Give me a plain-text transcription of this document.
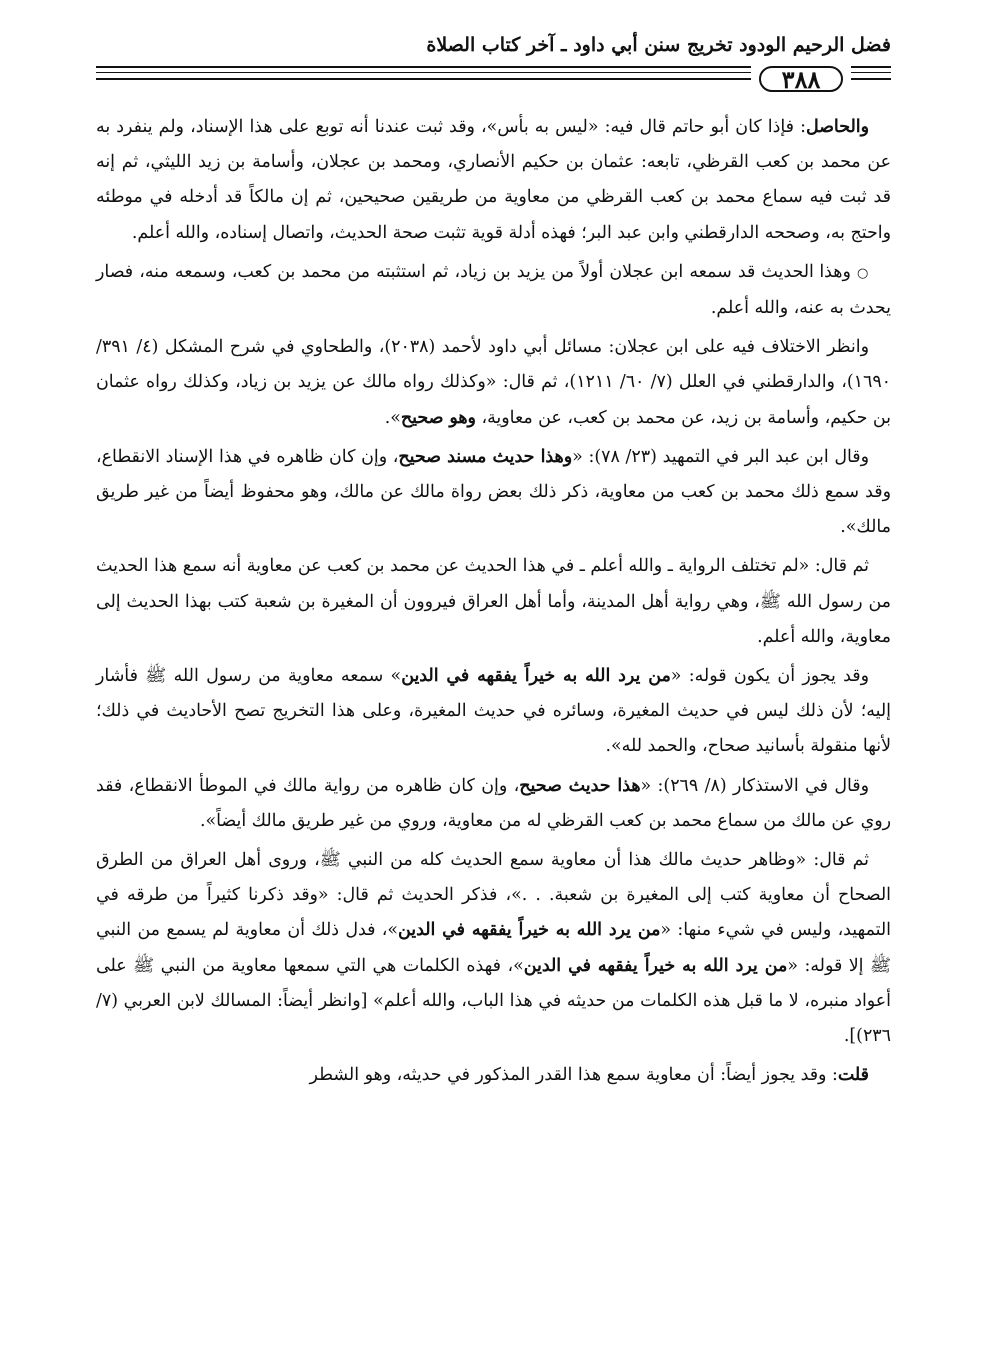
فضل الرحيم الودود تخريج سنن أبي داود ـ آخر كتاب الصلاة
٣٨٨

والحاصل: فإذا كان أبو حاتم قال فيه: «ليس به بأس»، وقد ثبت عندنا أنه توبع على هذا الإسناد، ولم ينفرد به عن محمد بن كعب القرظي، تابعه: عثمان بن حكيم الأنصاري، ومحمد بن عجلان، وأسامة بن زيد الليثي، ثم إنه قد ثبت فيه سماع محمد بن كعب القرظي من معاوية من طريقين صحيحين، ثم إن مالكاً قد أدخله في موطئه واحتج به، وصححه الدارقطني وابن عبد البر؛ فهذه أدلة قوية تثبت صحة الحديث، واتصال إسناده، والله أعلم.

○ وهذا الحديث قد سمعه ابن عجلان أولاً من يزيد بن زياد، ثم استثبته من محمد بن كعب، وسمعه منه، فصار يحدث به عنه، والله أعلم.

وانظر الاختلاف فيه على ابن عجلان: مسائل أبي داود لأحمد (٢٠٣٨)، والطحاوي في شرح المشكل (٤/ ٣٩١/ ١٦٩٠)، والدارقطني في العلل (٧/ ٦٠/ ١٢١١)، ثم قال: «وكذلك رواه مالك عن يزيد بن زياد، وكذلك رواه عثمان بن حكيم، وأسامة بن زيد، عن محمد بن كعب، عن معاوية، وهو صحيح».

وقال ابن عبد البر في التمهيد (٢٣/ ٧٨): «وهذا حديث مسند صحيح، وإن كان ظاهره في هذا الإسناد الانقطاع، وقد سمع ذلك محمد بن كعب من معاوية، ذكر ذلك بعض رواة مالك عن مالك، وهو محفوظ أيضاً من غير طريق مالك».

ثم قال: «لم تختلف الرواية ـ والله أعلم ـ في هذا الحديث عن محمد بن كعب عن معاوية أنه سمع هذا الحديث من رسول الله ﷺ، وهي رواية أهل المدينة، وأما أهل العراق فيروون أن المغيرة بن شعبة كتب بهذا الحديث إلى معاوية، والله أعلم.

وقد يجوز أن يكون قوله: «من يرد الله به خيراً يفقهه في الدين» سمعه معاوية من رسول الله ﷺ فأشار إليه؛ لأن ذلك ليس في حديث المغيرة، وسائره في حديث المغيرة، وعلى هذا التخريج تصح الأحاديث في ذلك؛ لأنها منقولة بأسانيد صحاح، والحمد لله».

وقال في الاستذكار (٨/ ٢٦٩): «هذا حديث صحيح، وإن كان ظاهره من رواية مالك في الموطأ الانقطاع، فقد روي عن مالك من سماع محمد بن كعب القرظي له من معاوية، وروي من غير طريق مالك أيضاً».

ثم قال: «وظاهر حديث مالك هذا أن معاوية سمع الحديث كله من النبي ﷺ، وروى أهل العراق من الطرق الصحاح أن معاوية كتب إلى المغيرة بن شعبة. . .»، فذكر الحديث ثم قال: «وقد ذكرنا كثيراً من طرقه في التمهيد، وليس في شيء منها: «من يرد الله به خيراً يفقهه في الدين»، فدل ذلك أن معاوية لم يسمع من النبي ﷺ إلا قوله: «من يرد الله به خيراً يفقهه في الدين»، فهذه الكلمات هي التي سمعها معاوية من النبي ﷺ على أعواد منبره، لا ما قبل هذه الكلمات من حديثه في هذا الباب، والله أعلم» [وانظر أيضاً: المسالك لابن العربي (٧/ ٢٣٦)].

قلت: وقد يجوز أيضاً: أن معاوية سمع هذا القدر المذكور في حديثه، وهو الشطر
